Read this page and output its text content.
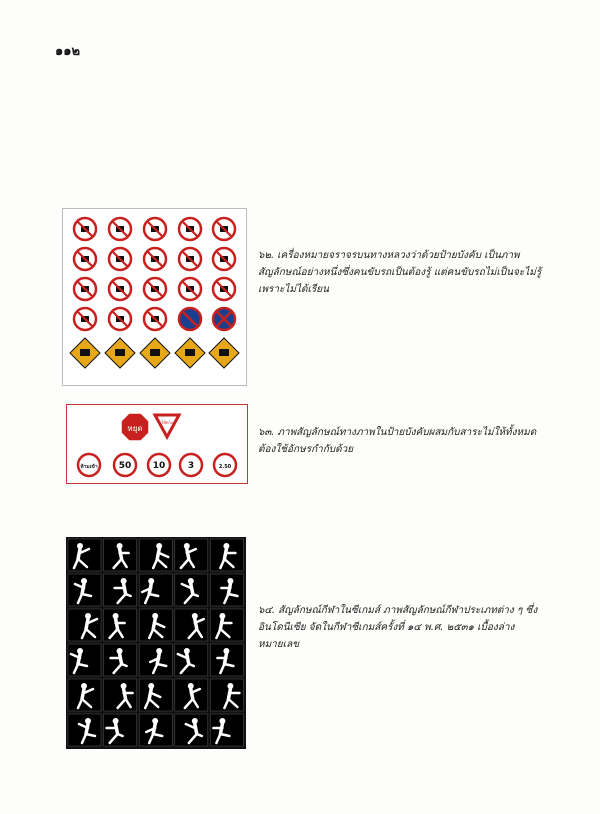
๑๑๒
๖๒. เครื่องหมายจราจรบนทางหลวงว่าด้วยป้ายบังคับ เป็นภาพสัญลักษณ์อย่างหนึ่งซึ่งคนขับรถเป็นต้องรู้ แต่คนขับรถไม่เป็นจะไม่รู้ เพราะไม่ได้เรียน
หยุด
ให้ทาง
ห้ามเข้า 50 10	3	2.50
๖๓. ภาพสัญลักษณ์ทางภาพในป้ายบังคับผสมกับสาระไม่ให้ทั้งหมดต้องใช้อักษรกำกับด้วย
๖๔. สัญลักษณ์กีฬาในซีเกมส์ ภาพสัญลักษณ์กีฬาประเภทต่าง ๆ ซึ่งอินโดนีเซีย จัดในกีฬาซีเกมส์ครั้งที่ ๑๔ พ.ศ. ๒๕๓๑ เบื้องล่าง หมายเลข
